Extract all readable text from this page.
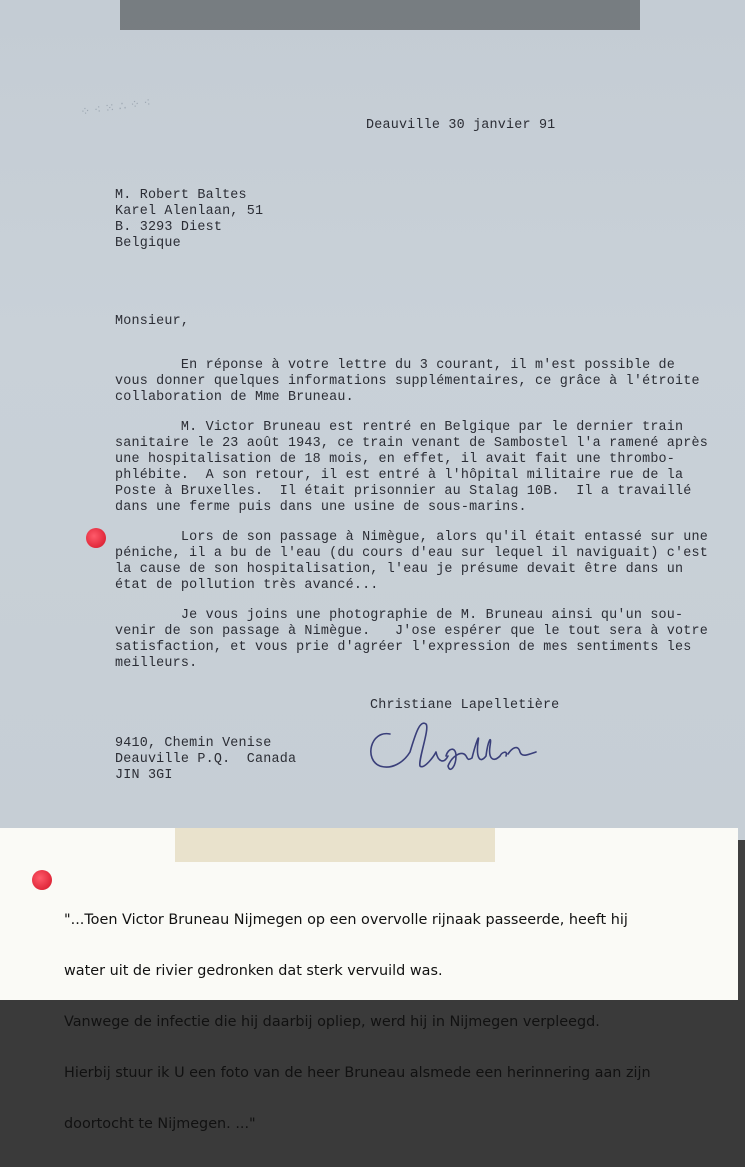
⁘ ⁖ ⁙ ∴ ⁘ ⁖
Deauville 30 janvier 91
M. Robert Baltes
Karel Alenlaan, 51
B. 3293 Diest
Belgique
Monsieur,
En réponse à votre lettre du 3 courant, il m'est possible de
vous donner quelques informations supplémentaires, ce grâce à l'étroite
collaboration de Mme Bruneau.
M. Victor Bruneau est rentré en Belgique par le dernier train
sanitaire le 23 août 1943, ce train venant de Sambostel l'a ramené après
une hospitalisation de 18 mois, en effet, il avait fait une thrombo-
phlébite.  A son retour, il est entré à l'hôpital militaire rue de la
Poste à Bruxelles.  Il était prisonnier au Stalag 10B.  Il a travaillé
dans une ferme puis dans une usine de sous-marins.
Lors de son passage à Nimègue, alors qu'il était entassé sur une
péniche, il a bu de l'eau (du cours d'eau sur lequel il naviguait) c'est
la cause de son hospitalisation, l'eau je présume devait être dans un
état de pollution très avancé...
Je vous joins une photographie de M. Bruneau ainsi qu'un sou-
venir de son passage à Nimègue.   J'ose espérer que le tout sera à votre
satisfaction, et vous prie d'agréer l'expression de mes sentiments les
meilleurs.
Christiane Lapelletière
9410, Chemin Venise
Deauville P.Q.  Canada
JIN 3GI

"...Toen Victor Bruneau Nijmegen op een overvolle rijnaak passeerde, heeft hij

water uit de rivier gedronken dat sterk vervuild was.

Vanwege de infectie die hij daarbij opliep, werd hij in Nijmegen verpleegd.

Hierbij stuur ik U een foto van de heer Bruneau alsmede een herinnering aan zijn

doortocht te Nijmegen. ..."
